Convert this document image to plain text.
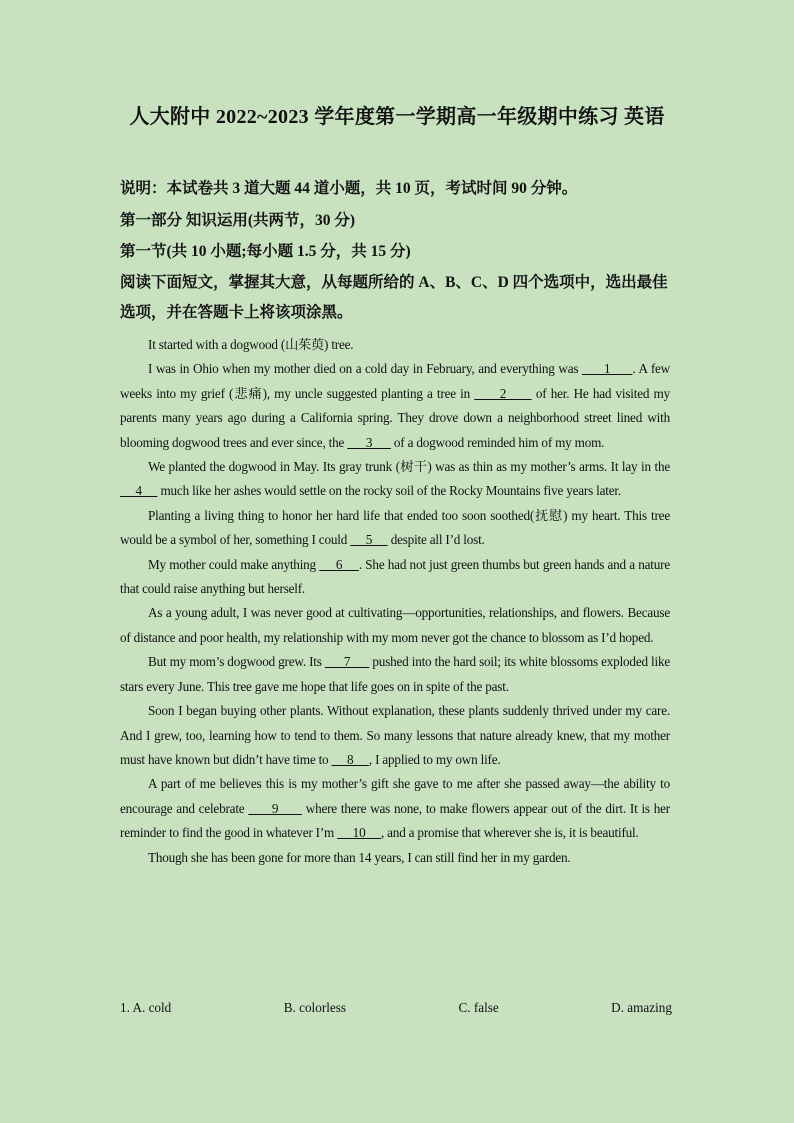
人大附中 2022~2023 学年度第一学期高一年级期中练习 英语
说明：本试卷共 3 道大题 44 道小题，共 10 页，考试时间 90 分钟。
第一部分 知识运用(共两节，30 分)
第一节(共 10 小题;每小题 1.5 分，共 15 分)
阅读下面短文，掌握其大意，从每题所给的 A、B、C、D 四个选项中，选出最佳选项，并在答题卡上将该项涂黑。

It started with a dogwood (山茱萸) tree.

I was in Ohio when my mother died on a cold day in February, and everything was       1      . A few weeks into my grief (悲痛), my uncle suggested planting a tree in       2       of her. He had visited my parents many years ago during a California spring. They drove down a neighborhood street lined with blooming dogwood trees and ever since, the       3       of a dogwood reminded him of my mom.

We planted the dogwood in May. Its gray trunk (树干) was as thin as my mother’s arms. It lay in the      4      much like her ashes would settle on the rocky soil of the Rocky Mountains five years later.

Planting a living thing to honor her hard life that ended too soon soothed(抚慰) my heart. This tree would be a symbol of her, something I could      5      despite all I’d lost.

My mother could make anything      6     . She had not just green thumbs but green hands and a nature that could raise anything but herself.

As a young adult, I was never good at cultivating—opportunities, relationships, and flowers. Because of distance and poor health, my relationship with my mom never got the chance to blossom as I’d hoped.

But my mom’s dogwood grew. Its       7       pushed into the hard soil; its white blossoms exploded like stars every June. This tree gave me hope that life goes on in spite of the past.

Soon I began buying other plants. Without explanation, these plants suddenly thrived under my care. And I grew, too, learning how to tend to them. So many lessons that nature already knew, that my mother must have known but didn’t have time to      8     , I applied to my own life.

A part of me believes this is my mother’s gift she gave to me after she passed away—the ability to encourage and celebrate       9       where there was none, to make flowers appear out of the dirt. It is her reminder to find the good in whatever I’m      10     , and a promise that wherever she is, it is beautiful.

Though she has been gone for more than 14 years, I can still find her in my garden.

1. A. cold	B. colorless	C. false	D. amazing
